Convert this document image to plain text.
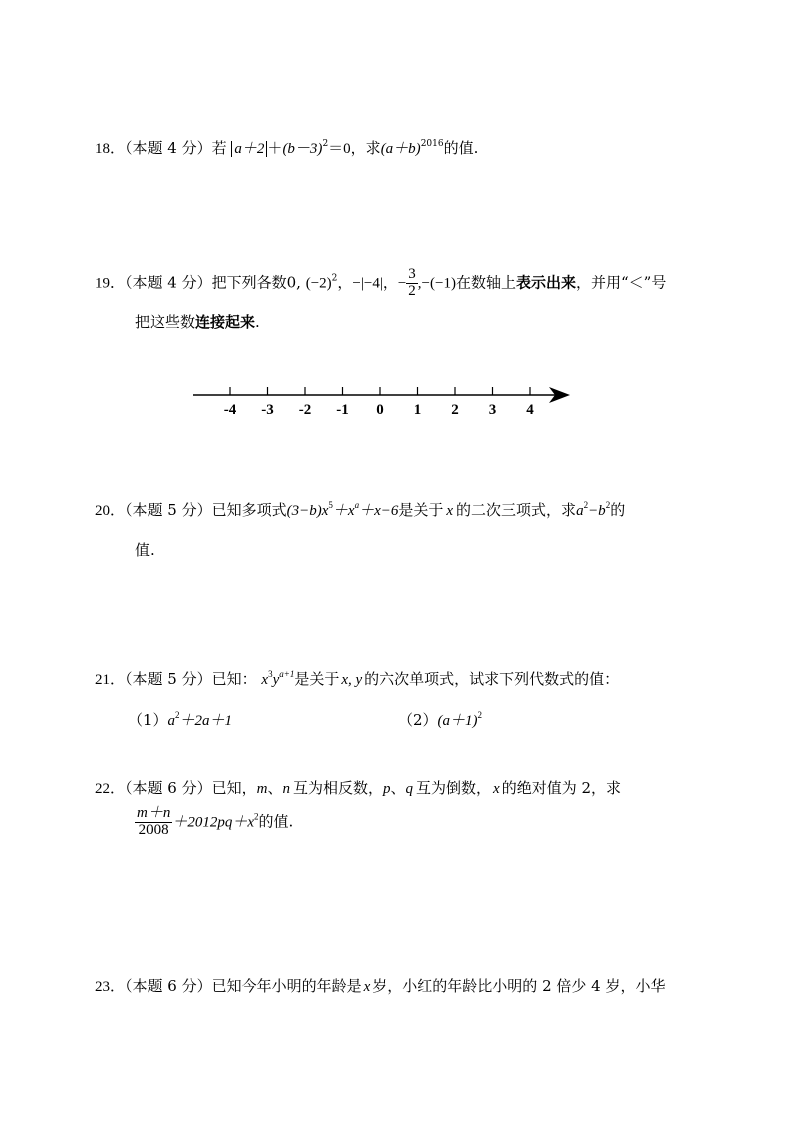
18．（本题 4 分）若 $a+2 +(b-3)^2=0$，求$(a+b)^{2016}$的值.
19．（本题 4 分）把下列各数0, $(-2)^2$，−|−4|，− $\frac{3}{2} ,-(-1)$在数轴上表示出来，并用“＜”号
把这些数连接起来.
-4 -3 -2 -1 0 1 2 3 4
20．（本题 5 分）已知多项式$(3-b)x^5+x^a+x-6$是关于 x 的二次三项式，求$a^2-b^2$的
值.
21．（本题 5 分）已知： $x^3y^{a+1}$是关于 x, y 的六次单项式，试求下列代数式的值：
$(1)a^2+2a+1$	$(2)(a+1)^2$
22．（本题 6 分）已知，m、n 互为相反数，p、q 互为倒数， x 的绝对值为 2，求
$\frac{m+n}{2008} +2012pq+x^2$的值.
23．（本题 6 分）已知今年小明的年龄是 x 岁，小红的年龄比小明的 2 倍少 4 岁，小华
